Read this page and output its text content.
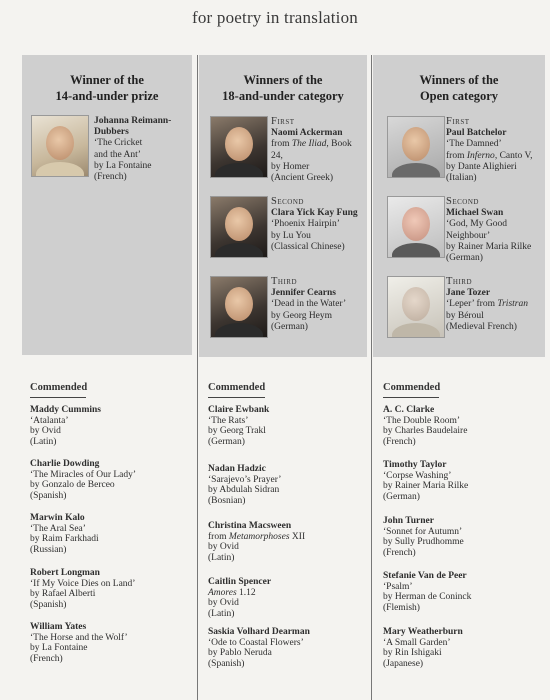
for poetry in translation
Winner of the
14-and-under prize
Johanna Reimann-
Dubbers
‘The Cricket
and the Ant’
by La Fontaine
(French)
Commended
Maddy Cummins
‘Atalanta’
by Ovid
(Latin)
Charlie Dowding
‘The Miracles of Our Lady’
by Gonzalo de Berceo
(Spanish)
Marwin Kalo
‘The Aral Sea’
by Raim Farkhadi
(Russian)
Robert Longman
‘If My Voice Dies on Land’
by Rafael Alberti
(Spanish)
William Yates
‘The Horse and the Wolf’
by La Fontaine
(French)
Winners of the
18-and-under category
First
Naomi Ackerman
from The Iliad, Book 24,
by Homer
(Ancient Greek)
Second
Clara Yick Kay Fung
‘Phoenix Hairpin’
by Lu You
(Classical Chinese)
Third
Jennifer Cearns
‘Dead in the Water’
by Georg Heym
(German)
Commended
Claire Ewbank
‘The Rats’
by Georg Trakl
(German)
Nadan Hadzic
‘Sarajevo’s Prayer’
by Abdulah Sidran
(Bosnian)
Christina Macsween
from Metamorphoses XII
by Ovid
(Latin)
Caitlin Spencer
Amores 1.12
by Ovid
(Latin)
Saskia Volhard Dearman
‘Ode to Coastal Flowers’
by Pablo Neruda
(Spanish)
Winners of the
Open category
First
Paul Batchelor
‘The Damned’
from Inferno, Canto V,
by Dante Alighieri
(Italian)
Second
Michael Swan
‘God, My Good
Neighbour’
by Rainer Maria Rilke
(German)
Third
Jane Tozer
‘Leper’ from Tristran
by Béroul
(Medieval French)
Commended
A. C. Clarke
‘The Double Room’
by Charles Baudelaire
(French)
Timothy Taylor
‘Corpse Washing’
by Rainer Maria Rilke
(German)
John Turner
‘Sonnet for Autumn’
by Sully Prudhomme
(French)
Stefanie Van de Peer
‘Psalm’
by Herman de Coninck
(Flemish)
Mary Weatherburn
‘A Small Garden’
by Rin Ishigaki
(Japanese)
